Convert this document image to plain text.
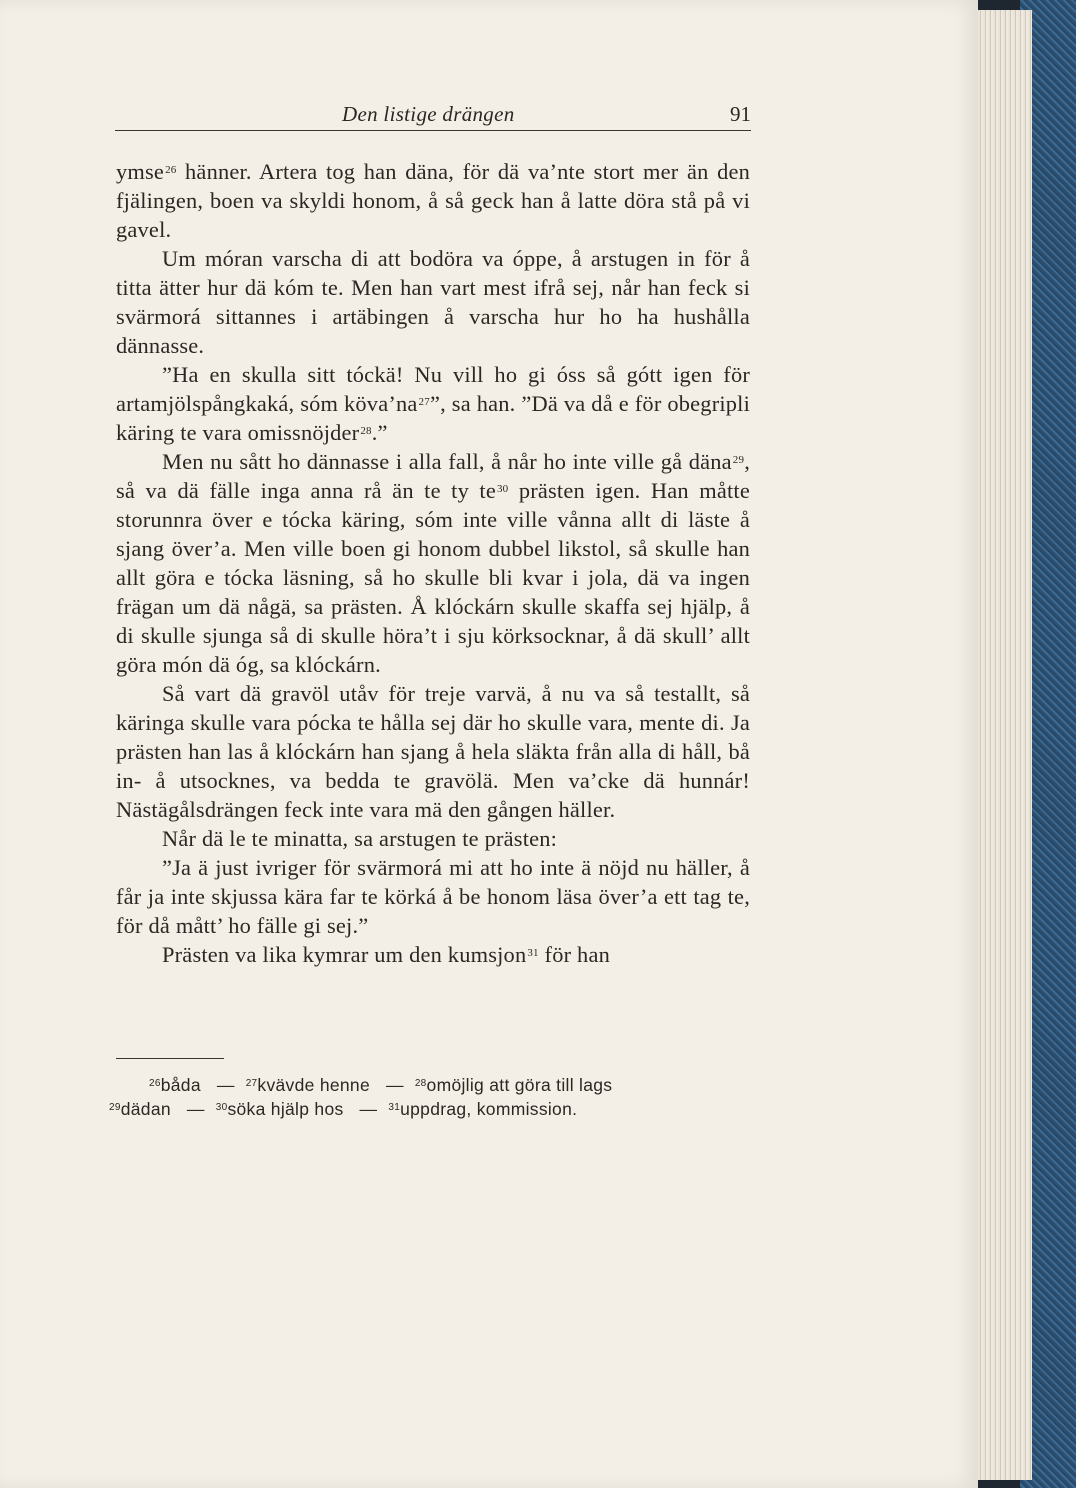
Den listige drängen	91

ymse$^{26}$ hänner. Artera tog han däna, för dä va’nte stort mer än den fjälingen, boen va skyldi honom, å så geck han å latte döra stå på vi gavel.

Um móran varscha di att bodöra va óppe, å arstugen in för å titta ätter hur dä kóm te. Men han vart mest ifrå sej, når han feck si svärmorá sittannes i artäbingen å varscha hur ho ha hushålla dännasse.

”Ha en skulla sitt tóckä! Nu vill ho gi óss så gótt igen för artamjölspångkaká, sóm $köva’na^{27}$”, sa han. ”Dä va då e för obegripli käring te vara omissnöjder$^{28}$.”

Men nu sått ho dännasse i alla fall, å når ho inte ville gå däna$^{29}$, så va dä fälle inga anna rå än te ty $te^{30}$ prästen igen. Han måtte storunnra över e tócka käring, sóm inte ville vånna allt di läste å sjang över’a. Men ville boen gi honom dubbel likstol, så skulle han allt göra e tócka läsning, så ho skulle bli kvar i jola, dä va ingen frägan um dä någä, sa prästen. Å klóckárn skulle skaffa sej hjälp, å di skulle sjunga så di skulle höra’t i sju körksocknar, å dä skull’ allt göra món dä óg, sa klóckárn.

Så vart dä gravöl utåv för treje varvä, å nu va så testallt, så käringa skulle vara pócka te hålla sej där ho skulle vara, mente di. Ja prästen han las å klóckárn han sjang å hela släkta från alla di håll, bå in- å utsocknes, va bedda te gravölä. Men va’cke dä hunnár! Nästägålsdrängen feck inte vara mä den gången häller.

Når dä le te minatta, sa arstugen te prästen:

”Ja ä just ivriger för svärmorá mi att ho inte ä nöjd nu häller, å får ja inte skjussa kära far te körká å be honom läsa över’a ett tag te, för då mått’ ho fälle gi sej.”

Prästen va lika kymrar um den kumsjon$^{31}$ för han

$^{26}$båda — $^{27}$kvävde henne — $^{28}$omöjlig att göra till lags
$^{29}$dädan — $^{30}$söka hjälp hos — $^{31}$uppdrag, kommission.
